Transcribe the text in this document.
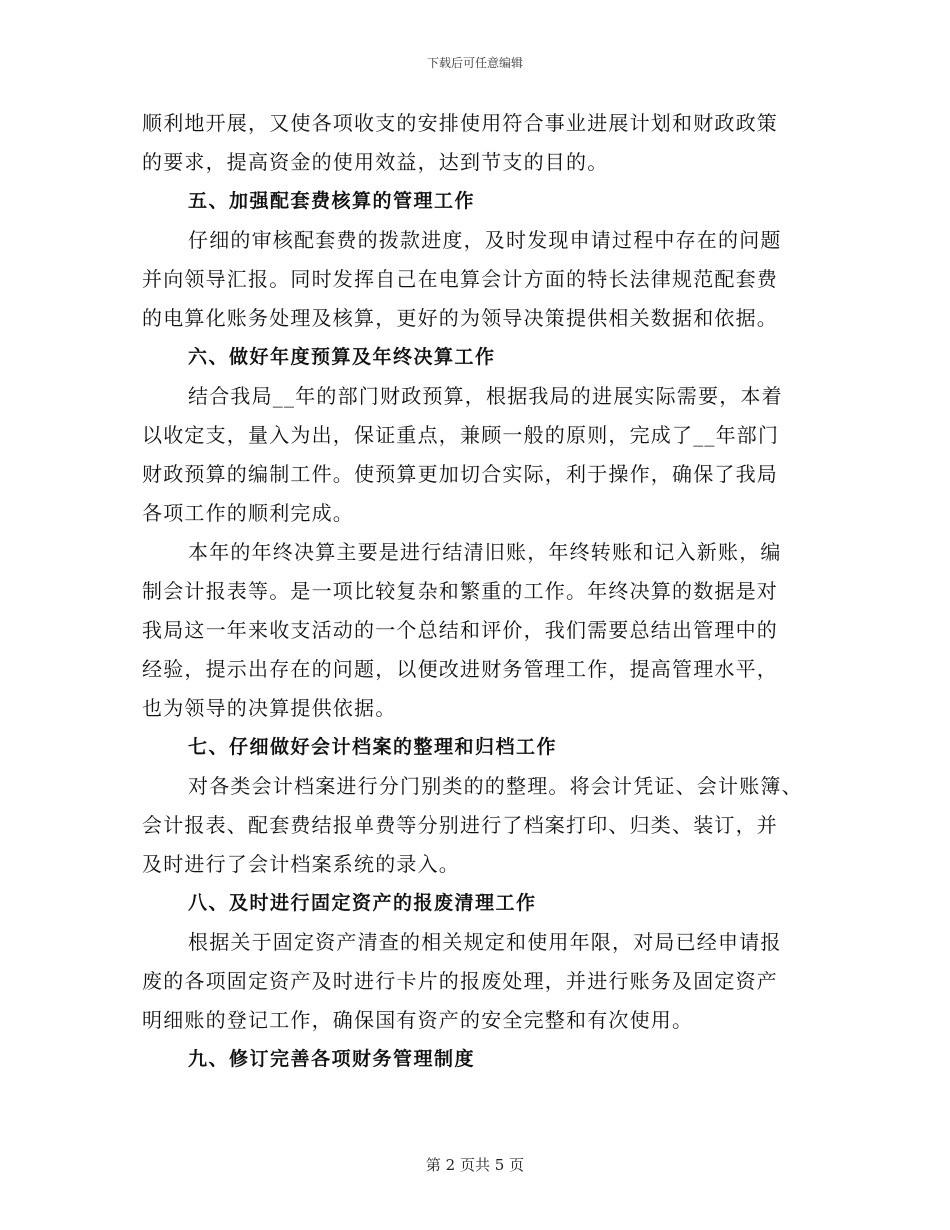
下载后可任意编辑
顺利地开展，又使各项收支的安排使用符合事业进展计划和财政政策
的要求，提高资金的使用效益，达到节支的目的。
五、加强配套费核算的管理工作
仔细的审核配套费的拨款进度，及时发现申请过程中存在的问题
并向领导汇报。同时发挥自己在电算会计方面的特长法律规范配套费
的电算化账务处理及核算，更好的为领导决策提供相关数据和依据。
六、做好年度预算及年终决算工作
结合我局__年的部门财政预算，根据我局的进展实际需要，本着
以收定支，量入为出，保证重点，兼顾一般的原则，完成了__年部门
财政预算的编制工件。使预算更加切合实际，利于操作，确保了我局
各项工作的顺利完成。
本年的年终决算主要是进行结清旧账，年终转账和记入新账，编
制会计报表等。是一项比较复杂和繁重的工作。年终决算的数据是对
我局这一年来收支活动的一个总结和评价，我们需要总结出管理中的
经验，提示出存在的问题，以便改进财务管理工作，提高管理水平，
也为领导的决算提供依据。
七、仔细做好会计档案的整理和归档工作
对各类会计档案进行分门别类的的整理。将会计凭证、会计账簿、
会计报表、配套费结报单费等分别进行了档案打印、归类、装订，并
及时进行了会计档案系统的录入。
八、及时进行固定资产的报废清理工作
根据关于固定资产清查的相关规定和使用年限，对局已经申请报
废的各项固定资产及时进行卡片的报废处理，并进行账务及固定资产
明细账的登记工作，确保国有资产的安全完整和有次使用。
九、修订完善各项财务管理制度
第 2 页共 5 页
